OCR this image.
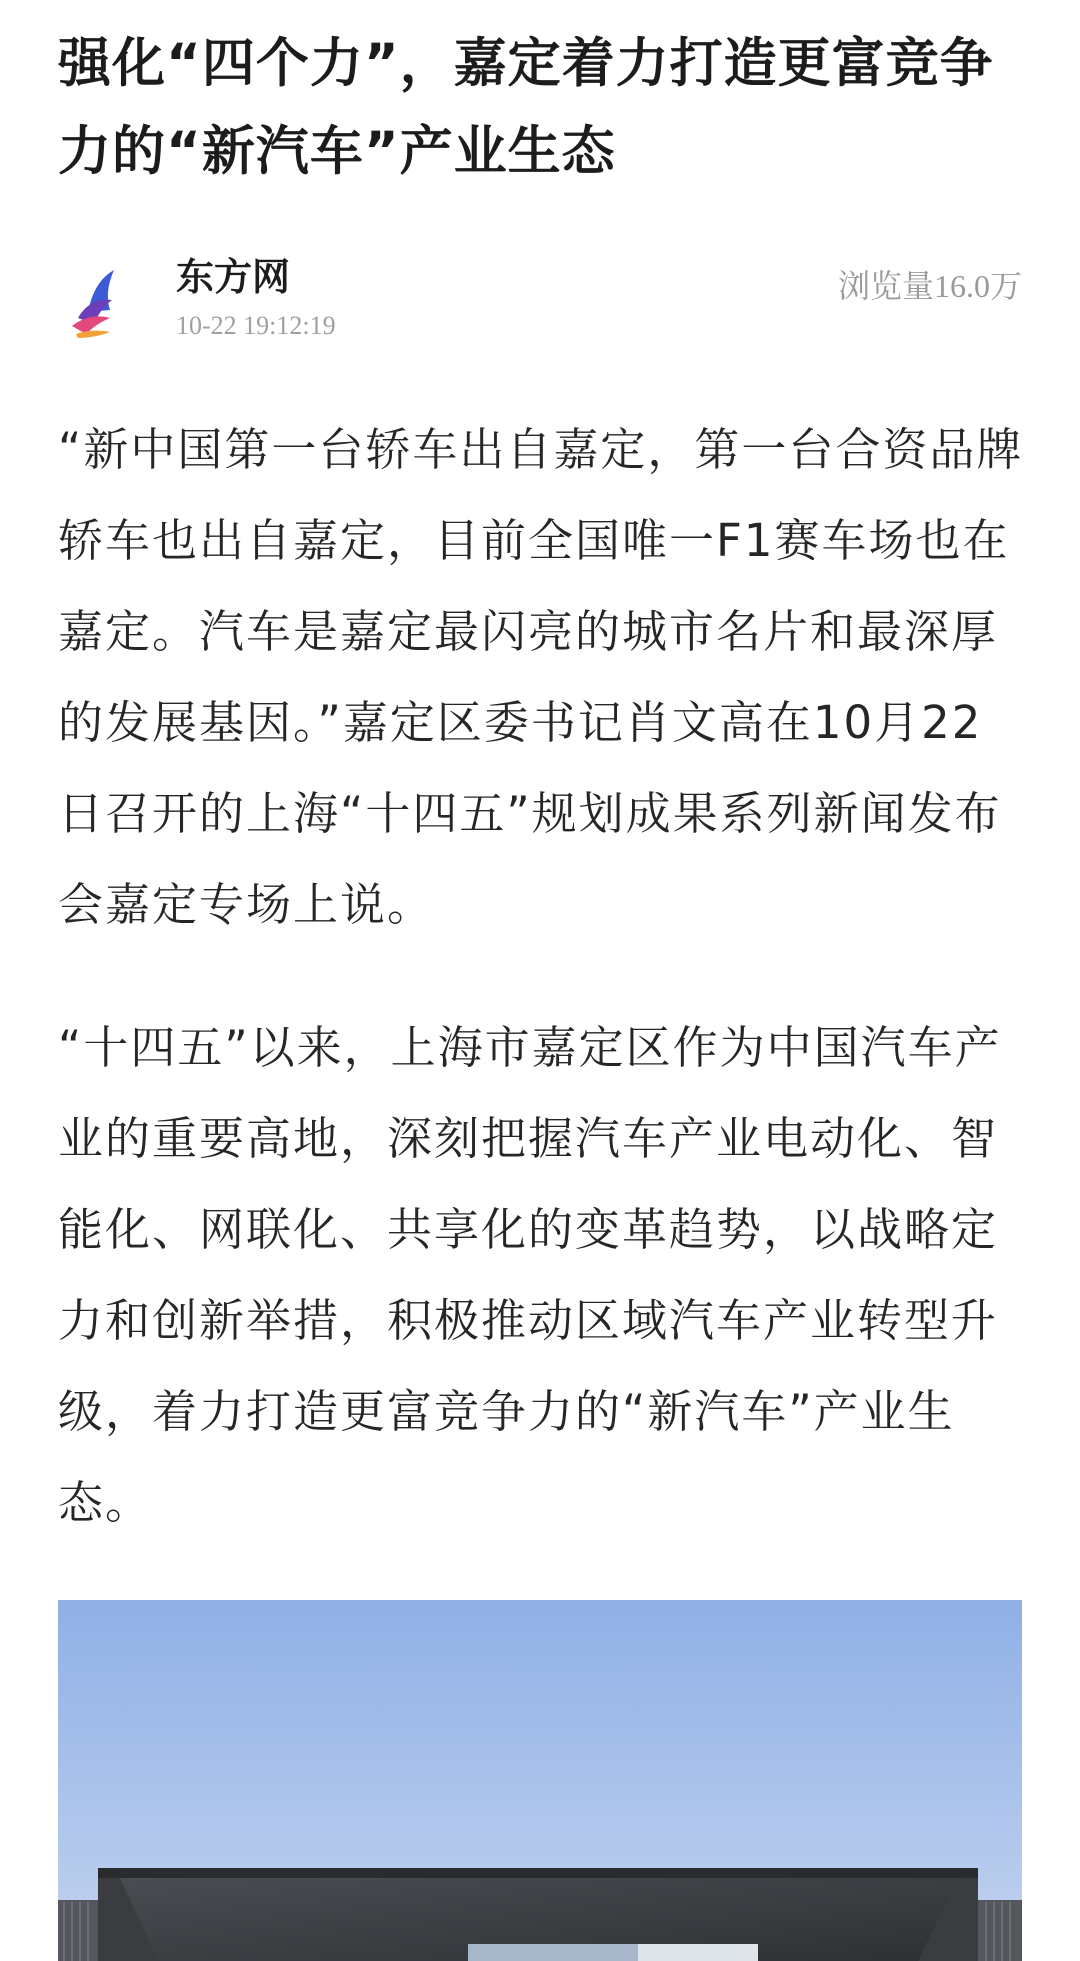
强化“四个力”，嘉定着力打造更富竞争力的“新汽车”产业生态
东方网
10-22 19:12:19
浏览量16.0万

“新中国第一台轿车出自嘉定，第一台合资品牌轿车也出自嘉定，目前全国唯一F1赛车场也在嘉定。汽车是嘉定最闪亮的城市名片和最深厚的发展基因。”嘉定区委书记肖文高在10月22日召开的上海“十四五”规划成果系列新闻发布会嘉定专场上说。

“十四五”以来，上海市嘉定区作为中国汽车产业的重要高地，深刻把握汽车产业电动化、智能化、网联化、共享化的变革趋势，以战略定力和创新举措，积极推动区域汽车产业转型升级，着力打造更富竞争力的“新汽车”产业生态。
